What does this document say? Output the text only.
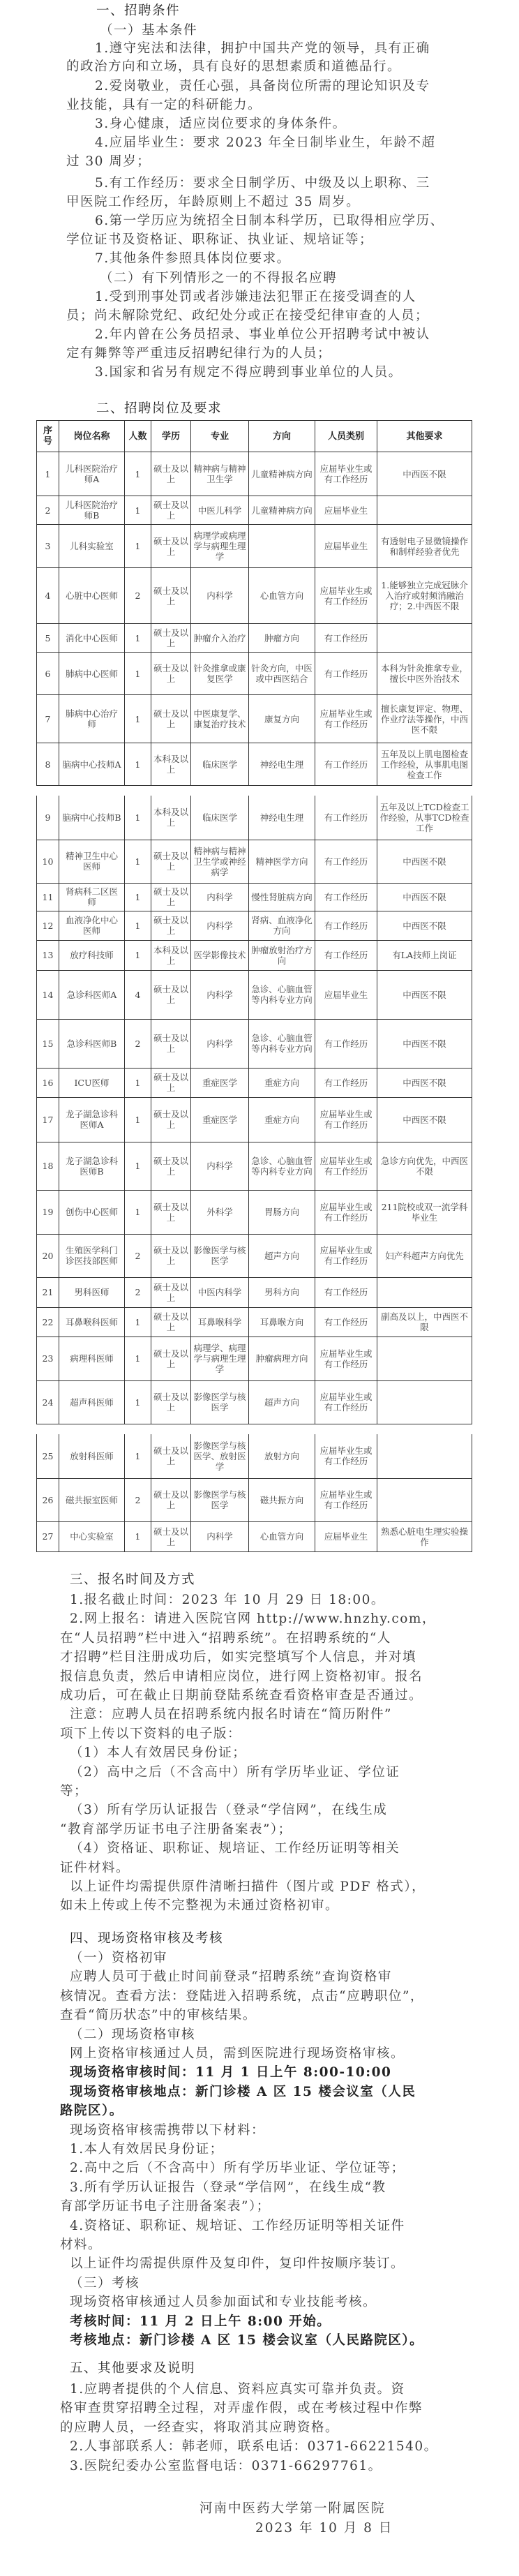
一、招聘条件
（一）基本条件
1.遵守宪法和法律，拥护中国共产党的领导，具有正确
的政治方向和立场，具有良好的思想素质和道德品行。
2.爱岗敬业，责任心强，具备岗位所需的理论知识及专
业技能，具有一定的科研能力。
3.身心健康，适应岗位要求的身体条件。
4.应届毕业生：要求 2023 年全日制毕业生，年龄不超
过 30 周岁；
5.有工作经历：要求全日制学历、中级及以上职称、三
甲医院工作经历，年龄原则上不超过 35 周岁。
6.第一学历应为统招全日制本科学历，已取得相应学历、
学位证书及资格证、职称证、执业证、规培证等；
7.其他条件参照具体岗位要求。
（二）有下列情形之一的不得报名应聘
1.受到刑事处罚或者涉嫌违法犯罪正在接受调查的人
员；尚未解除党纪、政纪处分或正在接受纪律审查的人员；
2.年内曾在公务员招录、事业单位公开招聘考试中被认
定有舞弊等严重违反招聘纪律行为的人员；
3.国家和省另有规定不得应聘到事业单位的人员。
二、招聘岗位及要求
序号	岗位名称	人数	学历	专业	方向	人员类别	其他要求
1	儿科医院治疗师A	1	硕士及以上	精神病与精神卫生学	儿童精神病方向	应届毕业生或有工作经历	中西医不限
2	儿科医院治疗师B	1	硕士及以上	中医儿科学	儿童精神病方向	应届毕业生	
3	儿科实验室	1	硕士及以上	病理学或病理学与病理生理学		应届毕业生	有透射电子显微镜操作和制样经验者优先
4	心脏中心医师	2	硕士及以上	内科学	心血管方向	应届毕业生或有工作经历	1.能够独立完成冠脉介入治疗或射频消融治疗；2.中西医不限
5	消化中心医师	1	硕士及以上	肿瘤介入治疗	肿瘤方向	有工作经历	
6	肺病中心医师	1	硕士及以上	针灸推拿或康复医学	针灸方向，中医或中西医结合	有工作经历	本科为针灸推拿专业，擅长中医外治技术
7	肺病中心治疗师	1	硕士及以上	中医康复学、康复治疗技术	康复方向	应届毕业生或有工作经历	擅长康复评定、物理、作业疗法等操作，中西医不限
8	脑病中心技师A	1	本科及以上	临床医学	神经电生理	有工作经历	五年及以上肌电图检查工作经验，从事肌电图检查工作
9	脑病中心技师B	1	本科及以上	临床医学	神经电生理	有工作经历	五年及以上TCD检查工作经验，从事TCD检查工作
10	精神卫生中心医师	1	硕士及以上	精神病与精神卫生学或神经病学	精神医学方向	有工作经历	中西医不限
11	肾病科二区医师	1	硕士及以上	内科学	慢性肾脏病方向	有工作经历	中西医不限
12	血液净化中心医师	1	硕士及以上	内科学	肾病、血液净化方向	有工作经历	中西医不限
13	放疗科技师	1	本科及以上	医学影像技术	肿瘤放射治疗方向	有工作经历	有LA技师上岗证
14	急诊科医师A	4	硕士及以上	内科学	急诊、心脑血管等内科专业方向	应届毕业生	中西医不限
15	急诊科医师B	2	硕士及以上	内科学	急诊、心脑血管等内科专业方向	有工作经历	中西医不限
16	ICU医师	1	硕士及以上	重症医学	重症方向	有工作经历	中西医不限
17	龙子湖急诊科医师A	1	硕士及以上	重症医学	重症方向	应届毕业生或有工作经历	中西医不限
18	龙子湖急诊科医师B	1	硕士及以上	内科学	急诊、心脑血管等内科专业方向	应届毕业生或有工作经历	急诊方向优先，中西医不限
19	创伤中心医师	1	硕士及以上	外科学	胃肠方向	应届毕业生或有工作经历	211院校或双一流学科毕业生
20	生殖医学科门诊医技部医师	2	硕士及以上	影像医学与核医学	超声方向	应届毕业生或有工作经历	妇产科超声方向优先
21	男科医师	2	硕士及以上	中医内科学	男科方向	有工作经历	
22	耳鼻喉科医师	1	硕士及以上	耳鼻喉科学	耳鼻喉方向	有工作经历	副高及以上，中西医不限
23	病理科医师	1	硕士及以上	病理学、病理学与病理生理学	肿瘤病理方向	应届毕业生或有工作经历	
24	超声科医师	1	硕士及以上	影像医学与核医学	超声方向	应届毕业生或有工作经历	
25	放射科医师	1	硕士及以上	影像医学与核医学、放射医学	放射方向	应届毕业生或有工作经历	
26	磁共振室医师	2	硕士及以上	影像医学与核医学	磁共振方向	应届毕业生或有工作经历	
27	中心实验室	1	硕士及以上	内科学	心血管方向	应届毕业生	熟悉心脏电生理实验操作
三、报名时间及方式
1.报名截止时间：2023 年 10 月 29 日 18:00。
2.网上报名：请进入医院官网 http://www.hnzhy.com，
在“人员招聘”栏中进入“招聘系统”。在招聘系统的“人
才招聘”栏目注册成功后，如实完整填写个人信息，并对填
报信息负责，然后申请相应岗位，进行网上资格初审。报名
成功后，可在截止日期前登陆系统查看资格审查是否通过。
注意：应聘人员在招聘系统内报名时请在“简历附件”
项下上传以下资料的电子版：
（1）本人有效居民身份证；
（2）高中之后（不含高中）所有学历毕业证、学位证
等；
（3）所有学历认证报告（登录“学信网”，在线生成
“教育部学历证书电子注册备案表”）；
（4）资格证、职称证、规培证、工作经历证明等相关
证件材料。
以上证件均需提供原件清晰扫描件（图片或 PDF 格式），
如未上传或上传不完整视为未通过资格初审。
四、现场资格审核及考核
（一）资格初审
应聘人员可于截止时间前登录“招聘系统”查询资格审
核情况。查看方法：登陆进入招聘系统，点击“应聘职位”，
查看“简历状态”中的审核结果。
（二）现场资格审核
网上资格审核通过人员，需到医院进行现场资格审核。
现场资格审核时间：11 月 1 日上午 8:00-10:00
现场资格审核地点：新门诊楼 A 区 15 楼会议室（人民
路院区）。
现场资格审核需携带以下材料：
1.本人有效居民身份证；
2.高中之后（不含高中）所有学历毕业证、学位证等；
3.所有学历认证报告（登录“学信网”，在线生成“教
育部学历证书电子注册备案表”）；
4.资格证、职称证、规培证、工作经历证明等相关证件
材料。
以上证件均需提供原件及复印件，复印件按顺序装订。
（三）考核
现场资格审核通过人员参加面试和专业技能考核。
考核时间：11 月 2 日上午 8:00 开始。
考核地点：新门诊楼 A 区 15 楼会议室（人民路院区）。
五、其他要求及说明
1.应聘者提供的个人信息、资料应真实可靠并负责。资
格审查贯穿招聘全过程，对弄虚作假，或在考核过程中作弊
的应聘人员，一经查实，将取消其应聘资格。
2.人事部联系人：韩老师，联系电话：0371-66221540。
3.医院纪委办公室监督电话：0371-66297761。
河南中医药大学第一附属医院
2023 年 10 月 8 日
